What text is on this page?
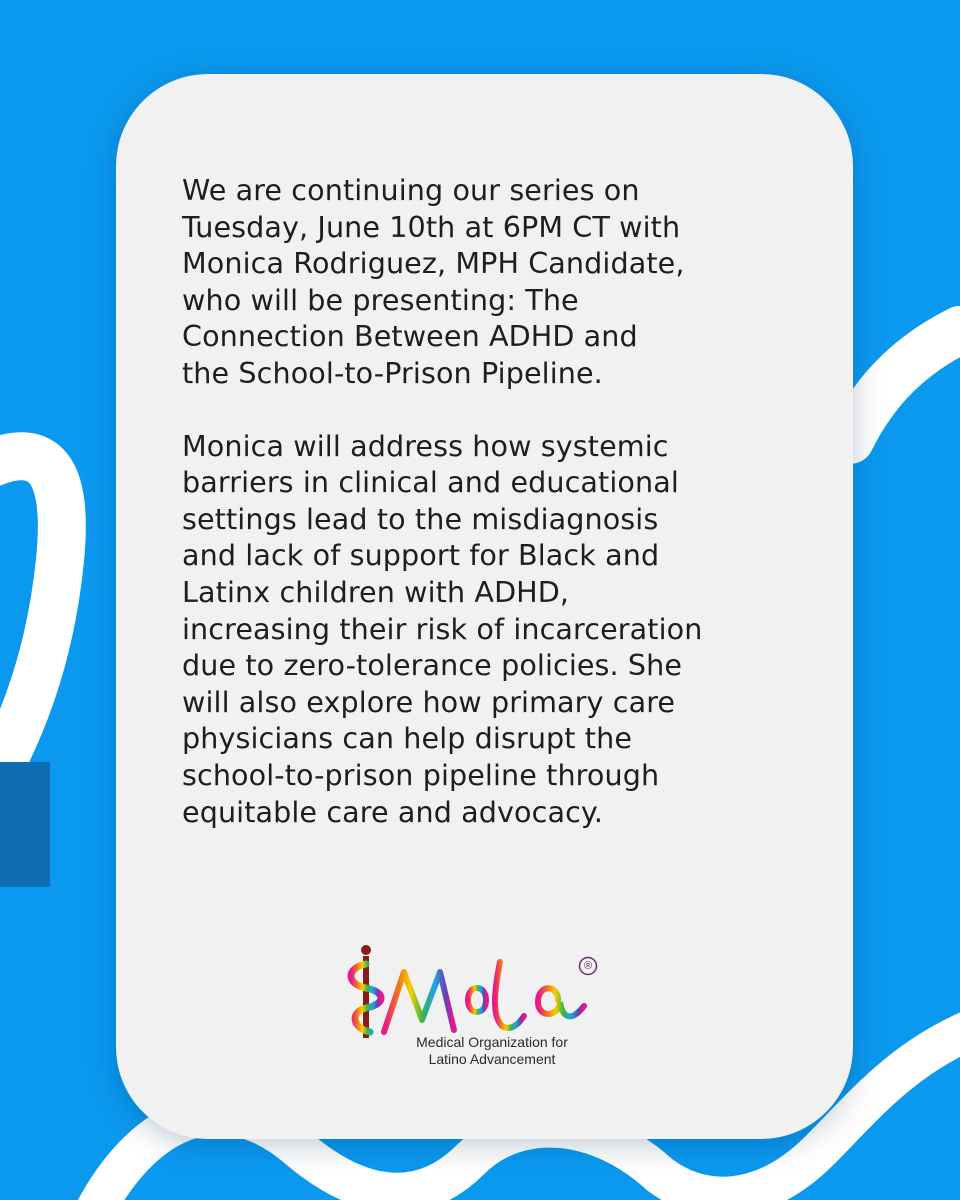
We are continuing our series on
Tuesday, June 10th at 6PM CT with
Monica Rodriguez, MPH Candidate,
who will be presenting: The
Connection Between ADHD and
the School-to-Prison Pipeline.

Monica will address how systemic
barriers in clinical and educational
settings lead to the misdiagnosis
and lack of support for Black and
Latinx children with ADHD,
increasing their risk of incarceration
due to zero-tolerance policies. She
will also explore how primary care
physicians can help disrupt the
school-to-prison pipeline through
equitable care and advocacy.

®
Medical Organization for
Latino Advancement
